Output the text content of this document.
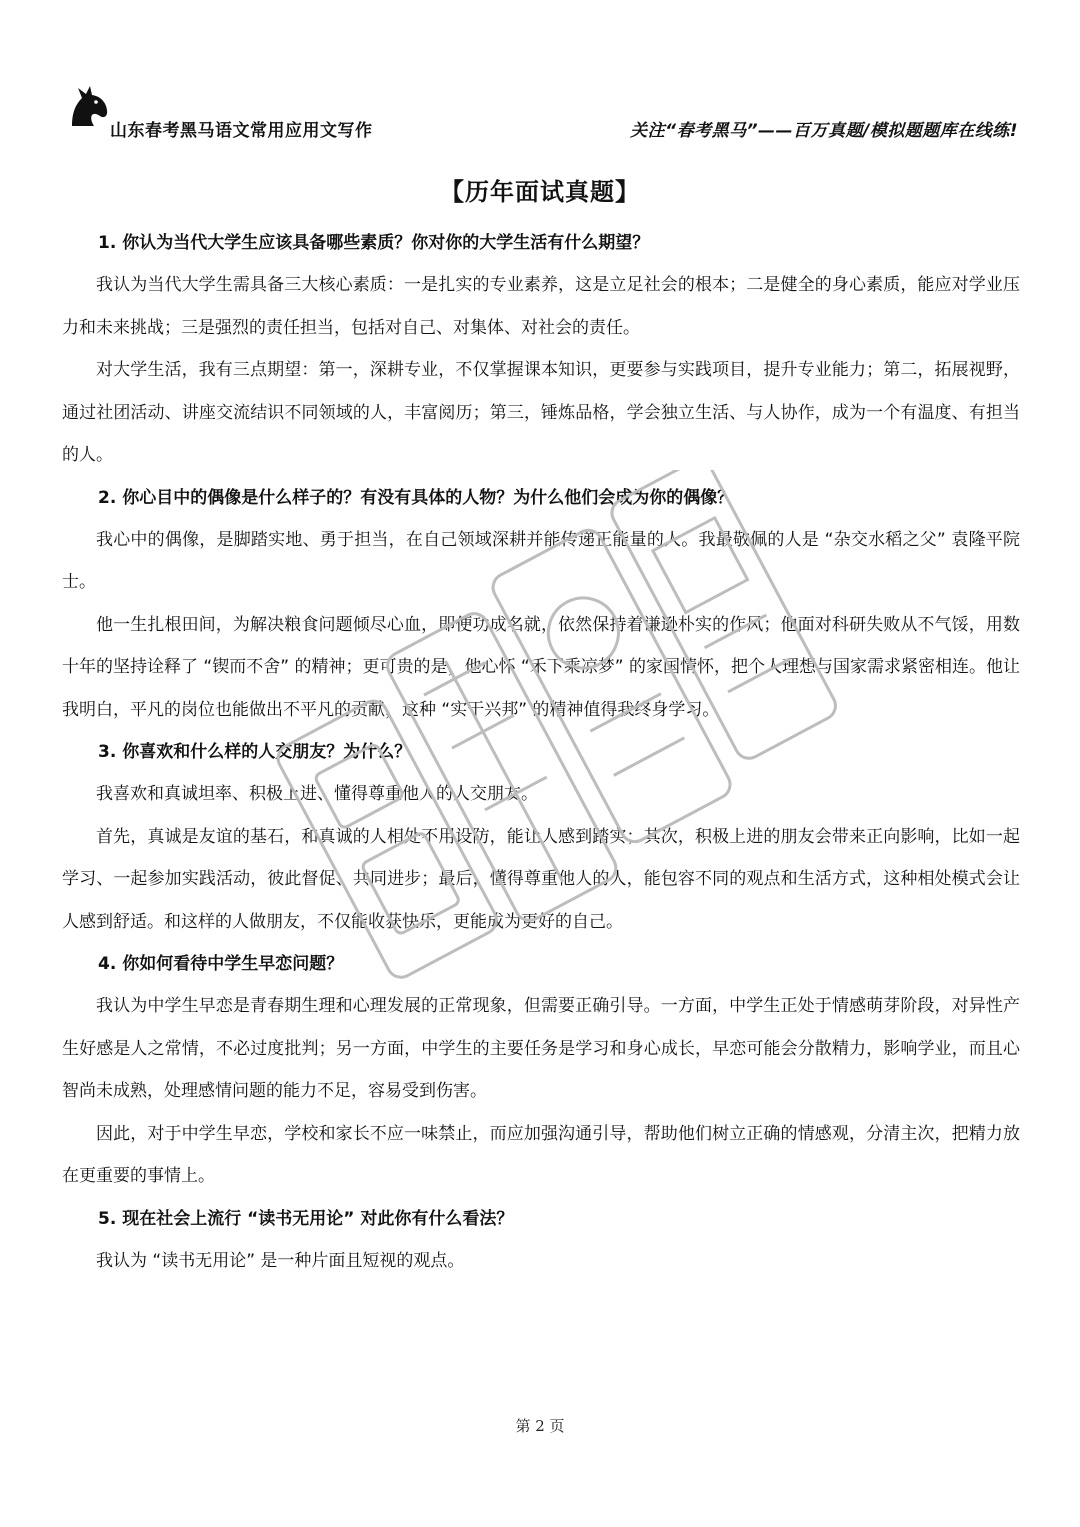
山东春考黑马语文常用应用文写作	关注“春考黑马”——百万真题/模拟题题库在线练!
【历年面试真题】
1. 你认为当代大学生应该具备哪些素质？你对你的大学生活有什么期望？

我认为当代大学生需具备三大核心素质：一是扎实的专业素养，这是立足社会的根本；二是健全的身心素质，能应对学业压力和未来挑战；三是强烈的责任担当，包括对自己、对集体、对社会的责任。

对大学生活，我有三点期望：第一，深耕专业，不仅掌握课本知识，更要参与实践项目，提升专业能力；第二，拓展视野，通过社团活动、讲座交流结识不同领域的人，丰富阅历；第三，锤炼品格，学会独立生活、与人协作，成为一个有温度、有担当的人。

2. 你心目中的偶像是什么样子的？有没有具体的人物？为什么他们会成为你的偶像？

我心中的偶像，是脚踏实地、勇于担当，在自己领域深耕并能传递正能量的人。我最敬佩的人是 “杂交水稻之父” 袁隆平院士。

他一生扎根田间，为解决粮食问题倾尽心血，即便功成名就，依然保持着谦逊朴实的作风；他面对科研失败从不气馁，用数十年的坚持诠释了 “锲而不舍” 的精神；更可贵的是，他心怀 “禾下乘凉梦” 的家国情怀，把个人理想与国家需求紧密相连。他让我明白，平凡的岗位也能做出不平凡的贡献，这种 “实干兴邦” 的精神值得我终身学习。

3. 你喜欢和什么样的人交朋友？为什么？

我喜欢和真诚坦率、积极上进、懂得尊重他人的人交朋友。

首先，真诚是友谊的基石，和真诚的人相处不用设防，能让人感到踏实；其次，积极上进的朋友会带来正向影响，比如一起学习、一起参加实践活动，彼此督促、共同进步；最后，懂得尊重他人的人，能包容不同的观点和生活方式，这种相处模式会让人感到舒适。和这样的人做朋友，不仅能收获快乐，更能成为更好的自己。

4. 你如何看待中学生早恋问题？

我认为中学生早恋是青春期生理和心理发展的正常现象，但需要正确引导。一方面，中学生正处于情感萌芽阶段，对异性产生好感是人之常情，不必过度批判；另一方面，中学生的主要任务是学习和身心成长，早恋可能会分散精力，影响学业，而且心智尚未成熟，处理感情问题的能力不足，容易受到伤害。

因此，对于中学生早恋，学校和家长不应一味禁止，而应加强沟通引导，帮助他们树立正确的情感观，分清主次，把精力放在更重要的事情上。

5. 现在社会上流行 “读书无用论” 对此你有什么看法？

我认为 “读书无用论” 是一种片面且短视的观点。

第 2 页
